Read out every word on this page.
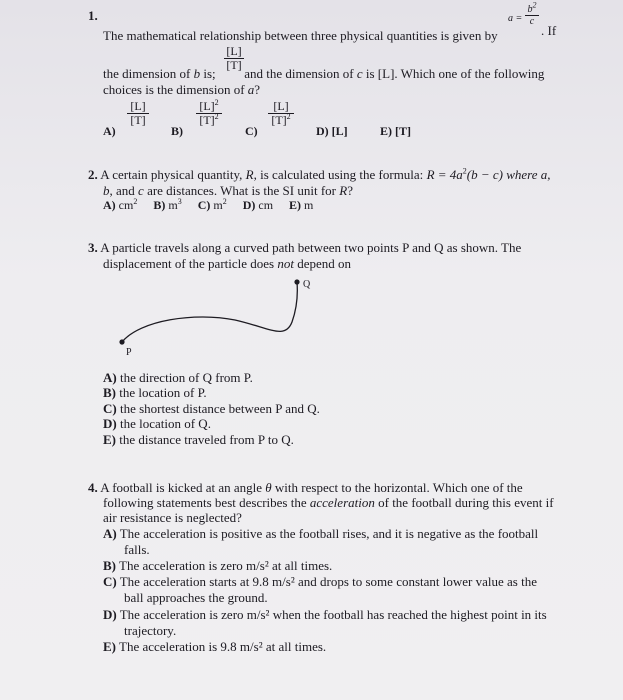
1.
The mathematical relationship between three physical quantities is given by
a =
$b^2$
c
. If
$\frac{[L]}{[T]}$
the dimension of b is; and the dimension of c is [L]. Which one of the following
choices is the dimension of a?
A)
$\frac{[L]}{[T]}$
B)
$\frac{[L]^2}{[T]^2}$
C)
$\frac{[L]}{[T]^2}$
D) [L]	E) [T]
2. A certain physical quantity, R, is calculated using the formula: $R = 4a^2(b - c)$ where a,
b, and c are distances. What is the SI unit for R?
A) $cm^2$ B) $m^3$ C) $m^2$ D) cm E) m
3. A particle travels along a curved path between two points P and Q as shown. The
displacement of the particle does not depend on
Q
P
A) the direction of Q from P.
B) the location of P.
C) the shortest distance between P and Q.
D) the location of Q.
E) the distance traveled from P to Q.
4. A football is kicked at an angle θ with respect to the horizontal. Which one of the
following statements best describes the acceleration of the football during this event if
air resistance is neglected?
A) The acceleration is positive as the football rises, and it is negative as the football
falls.
B) The acceleration is zero m/s² at all times.
C) The acceleration starts at 9.8 m/s² and drops to some constant lower value as the
ball approaches the ground.
D) The acceleration is zero m/s² when the football has reached the highest point in its
trajectory.
E) The acceleration is 9.8 m/s² at all times.
